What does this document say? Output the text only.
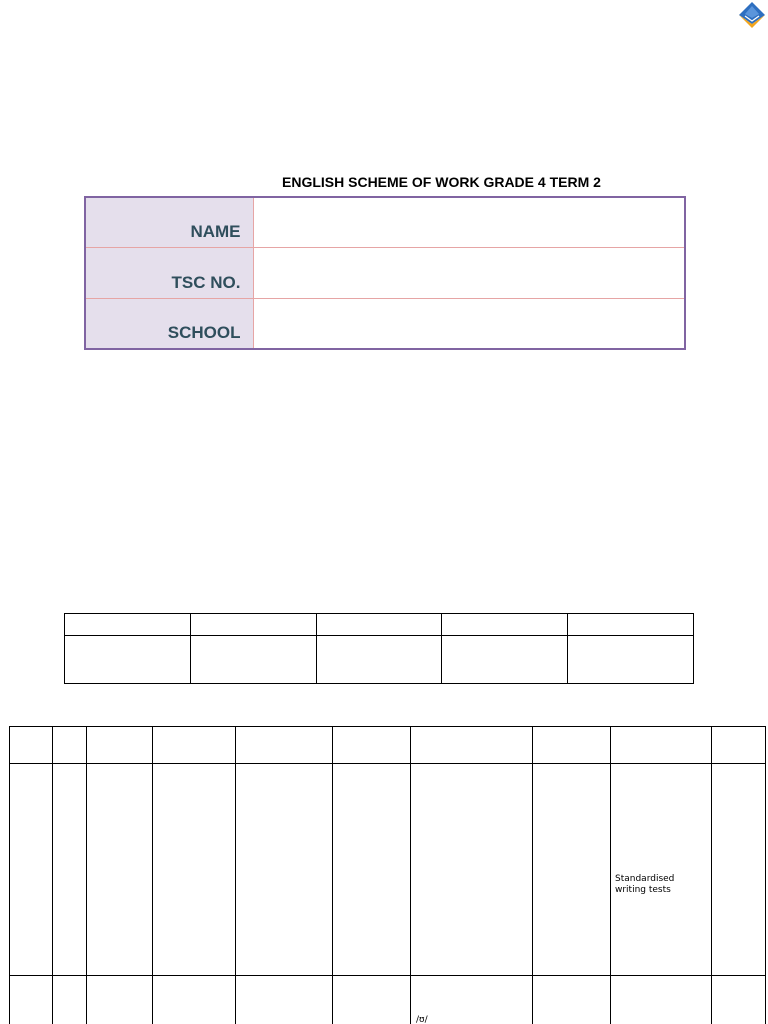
ENGLISH SCHEME OF WORK GRADE 4 TERM 2
NAME	
TSC NO.	
SCHOOL	

								Standardised writing tests	

						/ʊ/			
